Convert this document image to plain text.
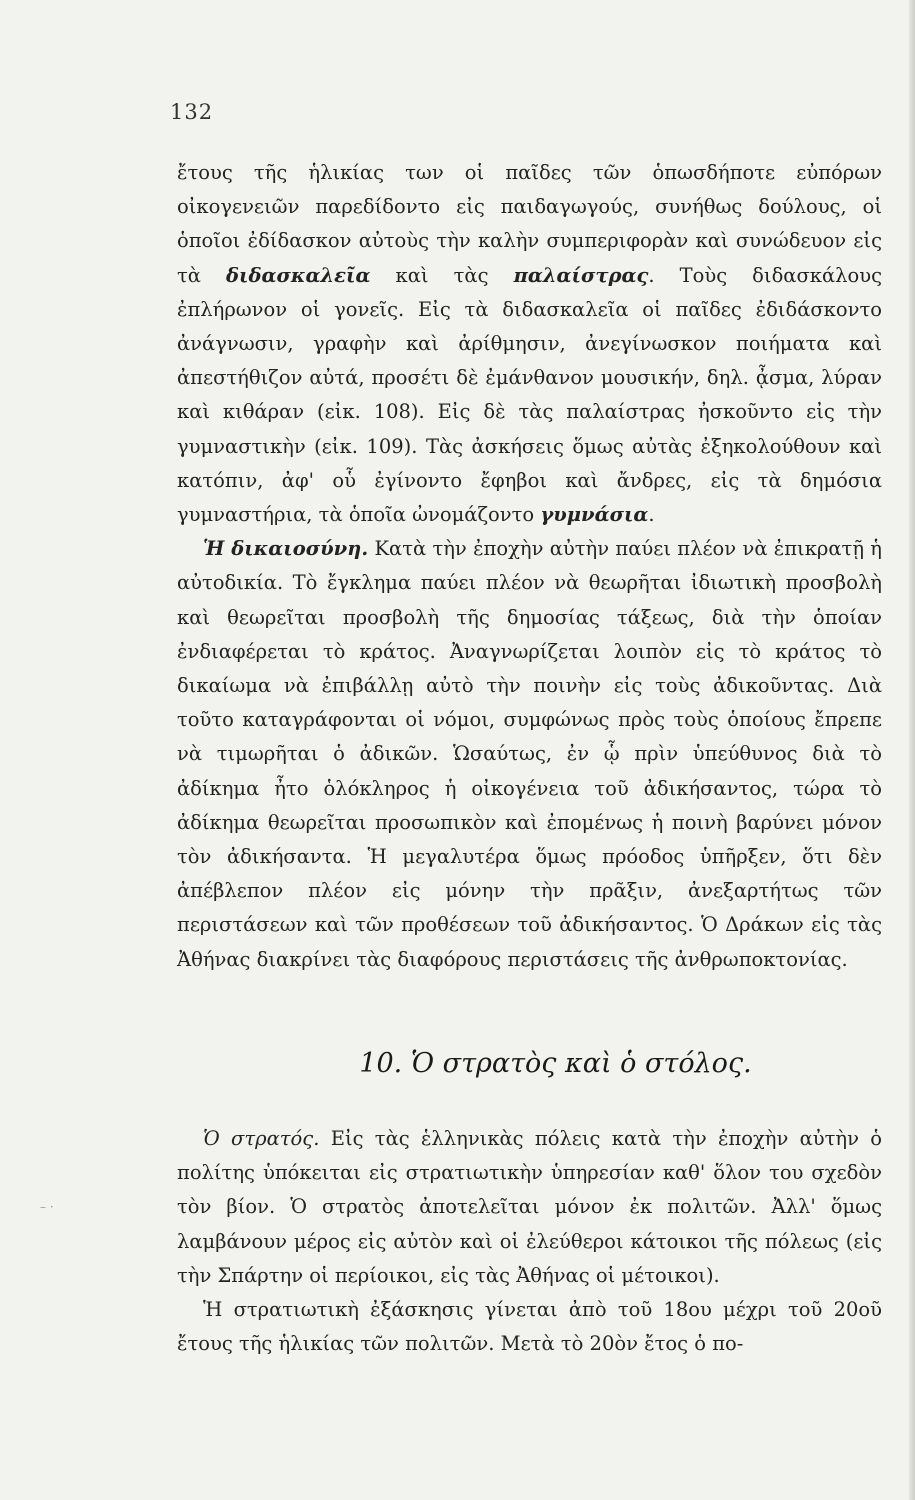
132

ἔτους τῆς ἡλικίας των οἱ παῖδες τῶν ὁπωσδήποτε εὐπόρων οἰκογενειῶν παρεδίδοντο εἰς παιδαγωγούς, συνήθως δούλους, οἱ ὁποῖοι ἐδίδασκον αὐτοὺς τὴν καλὴν συμπεριφορὰν καὶ συνώδευον εἰς τὰ διδασκαλεῖα καὶ τὰς παλαίστρας. Τοὺς διδασκάλους ἐπλήρωνον οἱ γονεῖς. Εἰς τὰ διδασκαλεῖα οἱ παῖδες ἐδιδάσκοντο ἀνάγνωσιν, γραφὴν καὶ ἀρίθμησιν, ἀνεγίνωσκον ποιήματα καὶ ἀπεστήθιζον αὐτά, προσέτι δὲ ἐμάνθανον μουσικήν, δηλ. ᾆσμα, λύραν καὶ κιθάραν (εἰκ. 108). Εἰς δὲ τὰς παλαίστρας ἠσκοῦντο εἰς τὴν γυμναστικὴν (εἰκ. 109). Τὰς ἀσκήσεις ὅμως αὐτὰς ἐξηκολούθουν καὶ κατόπιν, ἀφ' οὗ ἐγίνοντο ἔφηβοι καὶ ἄνδρες, εἰς τὰ δημόσια γυμναστήρια, τὰ ὁποῖα ὠνομάζοντο γυμνάσια.

Ἡ δικαιοσύνη. Κατὰ τὴν ἐποχὴν αὐτὴν παύει πλέον νὰ ἐπικρατῇ ἡ αὐτοδικία. Τὸ ἔγκλημα παύει πλέον νὰ θεωρῆται ἰδιωτικὴ προσβολὴ καὶ θεωρεῖται προσβολὴ τῆς δημοσίας τάξεως, διὰ τὴν ὁποίαν ἐνδιαφέρεται τὸ κράτος. Ἀναγνωρίζεται λοιπὸν εἰς τὸ κράτος τὸ δικαίωμα νὰ ἐπιβάλλῃ αὐτὸ τὴν ποινὴν εἰς τοὺς ἀδικοῦντας. Διὰ τοῦτο καταγράφονται οἱ νόμοι, συμφώνως πρὸς τοὺς ὁποίους ἔπρεπε νὰ τιμωρῆται ὁ ἀδικῶν. Ὡσαύτως, ἐν ᾧ πρὶν ὑπεύθυνος διὰ τὸ ἀδίκημα ἦτο ὁλόκληρος ἡ οἰκογένεια τοῦ ἀδικήσαντος, τώρα τὸ ἀδίκημα θεωρεῖται προσωπικὸν καὶ ἐπομένως ἡ ποινὴ βαρύνει μόνον τὸν ἀδικήσαντα. Ἡ μεγαλυτέρα ὅμως πρόοδος ὑπῆρξεν, ὅτι δὲν ἀπέβλεπον πλέον εἰς μόνην τὴν πρᾶξιν, ἀνεξαρτήτως τῶν περιστάσεων καὶ τῶν προθέσεων τοῦ ἀδικήσαντος. Ὁ Δράκων εἰς τὰς Ἀθήνας διακρίνει τὰς διαφόρους περιστάσεις τῆς ἀνθρωποκτονίας.

10. Ὁ στρατὸς καὶ ὁ στόλος.

Ὁ στρατός. Εἰς τὰς ἑλληνικὰς πόλεις κατὰ τὴν ἐποχὴν αὐτὴν ὁ πολίτης ὑπόκειται εἰς στρατιωτικὴν ὑπηρεσίαν καθ' ὅλον του σχεδὸν τὸν βίον. Ὁ στρατὸς ἀποτελεῖται μόνον ἐκ πολιτῶν. Ἀλλ' ὅμως λαμβάνουν μέρος εἰς αὐτὸν καὶ οἱ ἐλεύθεροι κάτοικοι τῆς πόλεως (εἰς τὴν Σπάρτην οἱ περίοικοι, εἰς τὰς Ἀθήνας οἱ μέτοικοι).

Ἡ στρατιωτικὴ ἐξάσκησις γίνεται ἀπὸ τοῦ 18ου μέχρι τοῦ 20οῦ ἔτους τῆς ἡλικίας τῶν πολιτῶν. Μετὰ τὸ 20ὸν ἔτος ὁ πο-

– ·
